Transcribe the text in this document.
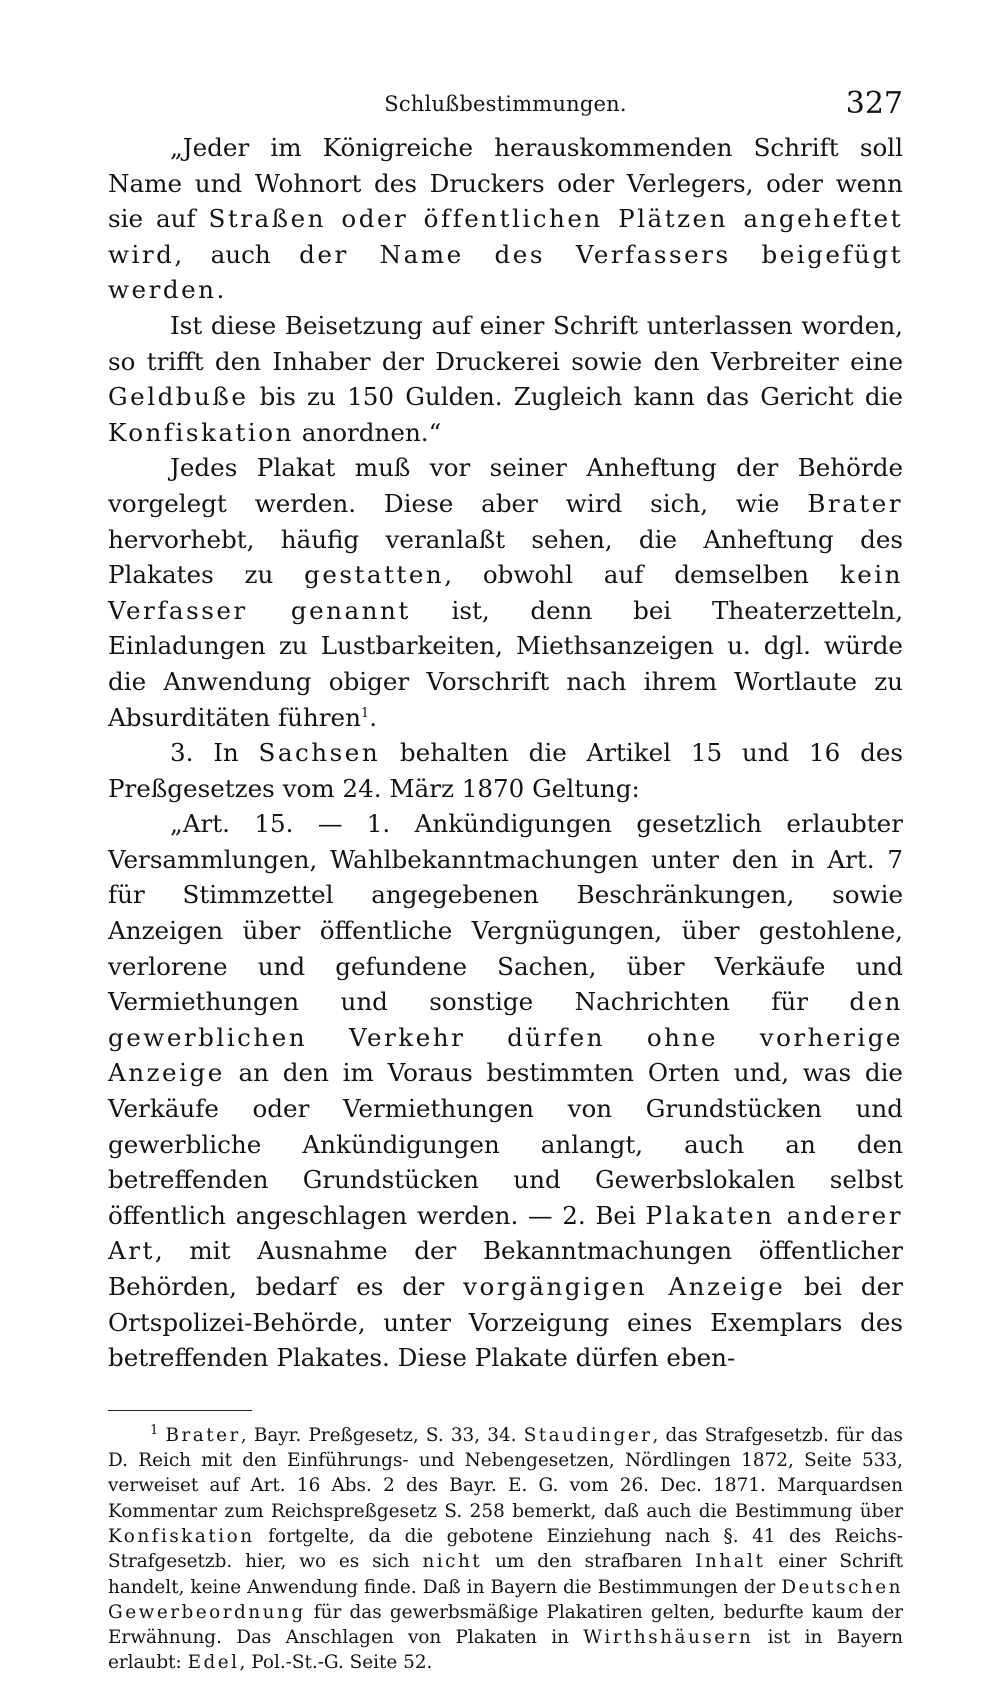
Schlußbestimmungen.	327

„Jeder im Königreiche herauskommenden Schrift soll Name und Wohnort des Druckers oder Verlegers, oder wenn sie auf Straßen oder öffentlichen Plätzen angeheftet wird, auch der Name des Verfassers beigefügt werden.

Ist diese Beisetzung auf einer Schrift unterlassen worden, so trifft den Inhaber der Druckerei sowie den Verbreiter eine Geldbuße bis zu 150 Gulden. Zugleich kann das Gericht die Konfiskation anordnen.“

Jedes Plakat muß vor seiner Anheftung der Behörde vorgelegt werden. Diese aber wird sich, wie Brater hervorhebt, häufig veranlaßt sehen, die Anheftung des Plakates zu gestatten, obwohl auf demselben kein Verfasser genannt ist, denn bei Theaterzetteln, Einladungen zu Lustbarkeiten, Miethsanzeigen u. dgl. würde die Anwendung obiger Vorschrift nach ihrem Wortlaute zu Absurditäten führen$^1$.

3. In Sachsen behalten die Artikel 15 und 16 des Preßgesetzes vom 24. März 1870 Geltung:

„Art. 15. — 1. Ankündigungen gesetzlich erlaubter Versammlungen, Wahlbekanntmachungen unter den in Art. 7 für Stimmzettel angegebenen Beschränkungen, sowie Anzeigen über öffentliche Vergnügungen, über gestohlene, verlorene und gefundene Sachen, über Verkäufe und Vermiethungen und sonstige Nachrichten für den gewerblichen Verkehr dürfen ohne vorherige Anzeige an den im Voraus bestimmten Orten und, was die Verkäufe oder Vermiethungen von Grundstücken und gewerbliche Ankündigungen anlangt, auch an den betreffenden Grundstücken und Gewerbslokalen selbst öffentlich angeschlagen werden. — 2. Bei Plakaten anderer Art, mit Ausnahme der Bekanntmachungen öffentlicher Behörden, bedarf es der vorgängigen Anzeige bei der Ortspolizei-Behörde, unter Vorzeigung eines Exemplars des betreffenden Plakates. Diese Plakate dürfen eben-

$^1$ Brater, Bayr. Preßgesetz, S. 33, 34. Staudinger, das Strafgesetzb. für das D. Reich mit den Einführungs- und Nebengesetzen, Nördlingen 1872, Seite 533, verweiset auf Art. 16 Abs. 2 des Bayr. E. G. vom 26. Dec. 1871. Marquardsen Kommentar zum Reichspreßgesetz S. 258 bemerkt, daß auch die Bestimmung über Konfiskation fortgelte, da die gebotene Einziehung nach §. 41 des Reichs-Strafgesetzb. hier, wo es sich nicht um den strafbaren Inhalt einer Schrift handelt, keine Anwendung finde. Daß in Bayern die Bestimmungen der Deutschen Gewerbeordnung für das gewerbsmäßige Plakatiren gelten, bedurfte kaum der Erwähnung. Das Anschlagen von Plakaten in Wirthshäusern ist in Bayern erlaubt: Edel, Pol.-St.-G. Seite 52.
